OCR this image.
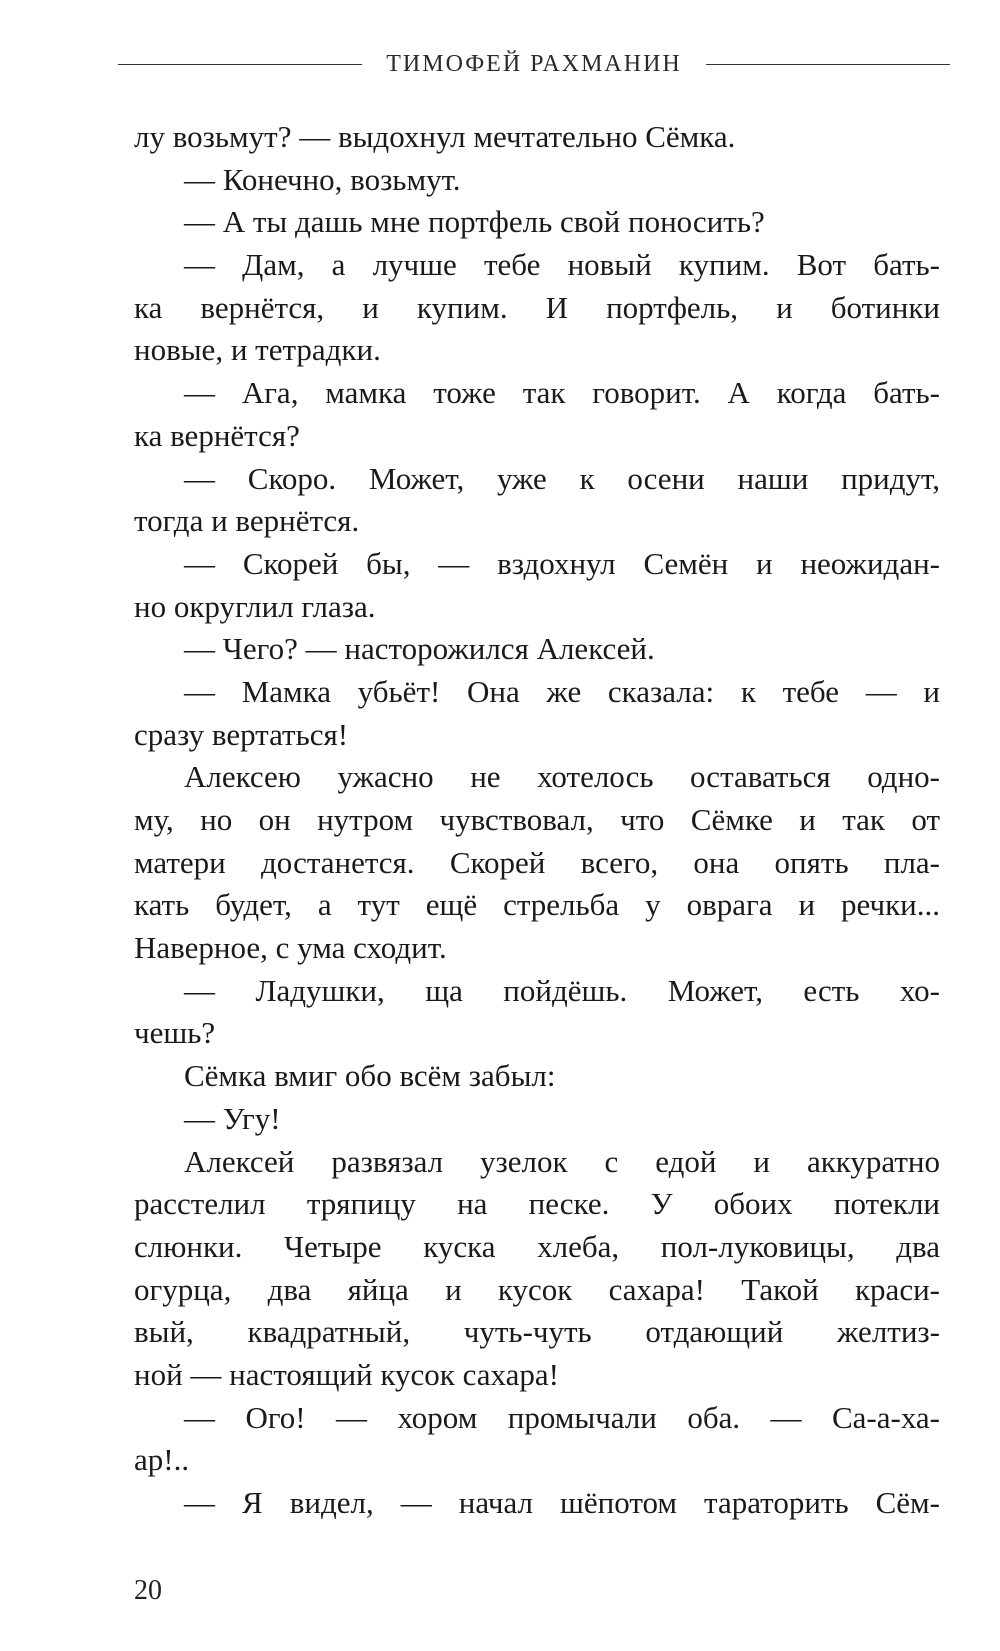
ТИМОФЕЙ РАХМАНИН
лу возьмут? — выдохнул мечтательно Сёмка.
— Конечно, возьмут.
— А ты дашь мне портфель свой поносить?
— Дам, а лучше тебе новый купим. Вот бать-
ка вернётся, и купим. И портфель, и ботинки
новые, и тетрадки.
— Ага, мамка тоже так говорит. А когда бать-
ка вернётся?
— Скоро. Может, уже к осени наши придут,
тогда и вернётся.
— Скорей бы, — вздохнул Семён и неожидан-
но округлил глаза.
— Чего? — насторожился Алексей.
— Мамка убьёт! Она же сказала: к тебе — и
сразу вертаться!
Алексею ужасно не хотелось оставаться одно-
му, но он нутром чувствовал, что Сёмке и так от
матери достанется. Скорей всего, она опять пла-
кать будет, а тут ещё стрельба у оврага и речки...
Наверное, с ума сходит.
— Ладушки, ща пойдёшь. Может, есть хо-
чешь?
Сёмка вмиг обо всём забыл:
— Угу!
Алексей развязал узелок с едой и аккуратно
расстелил тряпицу на песке. У обоих потекли
слюнки. Четыре куска хлеба, пол-луковицы, два
огурца, два яйца и кусок сахара! Такой краси-
вый, квадратный, чуть-чуть отдающий желтиз-
ной — настоящий кусок сахара!
— Ого! — хором промычали оба. — Са-а-ха-
ар!..
— Я видел, — начал шёпотом тараторить Сём-
20
